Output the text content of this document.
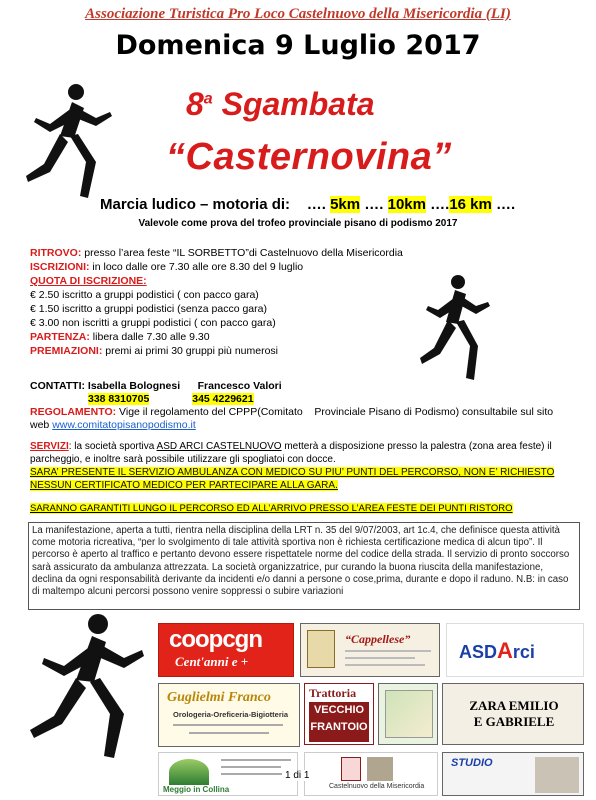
Associazione Turistica Pro Loco Castelnuovo della Misericordia (LI)
Domenica 9 Luglio 2017
8$^a$ Sgambata
“Casternovina”
Marcia ludico – motoria di: …. 5km …. 10km ….16 km ….
Valevole come prova del trofeo provinciale pisano di podismo 2017
RITROVO: presso l’area feste “IL SORBETTO”di Castelnuovo della Misericordia
ISCRIZIONI: in loco dalle ore 7.30 alle ore 8.30 del 9 luglio
QUOTA DI ISCRIZIONE:
€ 2.50 iscritto a gruppi podistici ( con pacco gara)
€ 1.50 iscritto a gruppi podistici (senza pacco gara)
€ 3.00 non iscritti a gruppi podistici ( con pacco gara)
PARTENZA: libera dalle 7.30 alle 9.30
PREMIAZIONI: premi ai primi 30 gruppi più numerosi
CONTATTI: Isabella Bolognesi      Francesco Valori
338 8310705	345 4229621
REGOLAMENTO: Vige il regolamento del CPPP(Comitato    Provinciale Pisano di Podismo) consultabile sul sito web www.comitatopisanopodismo.it
SERVIZI: la società sportiva ASD ARCI CASTELNUOVO metterà a disposizione presso la palestra (zona area feste) il parcheggio, e inoltre sarà possibile utilizzare gli spogliatoi con docce.
SARA’ PRESENTE IL SERVIZIO AMBULANZA CON MEDICO SU PIU’ PUNTI DEL PERCORSO, NON E’ RICHIESTO NESSUN CERTIFICATO MEDICO PER PARTECIPARE ALLA GARA.
SARANNO GARANTITI LUNGO IL PERCORSO ED ALL’ARRIVO PRESSO L’AREA FESTE DEI PUNTI RISTORO
La manifestazione, aperta a tutti, rientra nella disciplina della LRT n. 35 del 9/07/2003, art 1c.4, che definisce questa attività come motoria ricreativa, “per lo svolgimento di tale attività sportiva non è richiesta certificazione medica di alcun tipo”. Il percorso è aperto al traffico e pertanto devono essere rispettatele norme del codice della strada. Il servizio di pronto soccorso sarà assicurato da ambulanza attrezzata. La società organizzatrice, pur curando la buona riuscita della manifestazione, declina da ogni responsabilità derivante da incidenti e/o danni a persone o cose,prima, durante e dopo il raduno. N.B: in caso di maltempo alcuni percorsi possono venire soppressi o subire variazioni
coopcgn
Cent'anni e +
“Cappellese”
ASDArci
Guglielmi Franco
Orologeria-Oreficeria-Bigiotteria
Trattoria
VECCHIO
FRANTOIO
ZARA EMILIO
E GABRIELE
Meggio in Collina	Castelnuovo della Misericordia
STUDIO
1 di 1
